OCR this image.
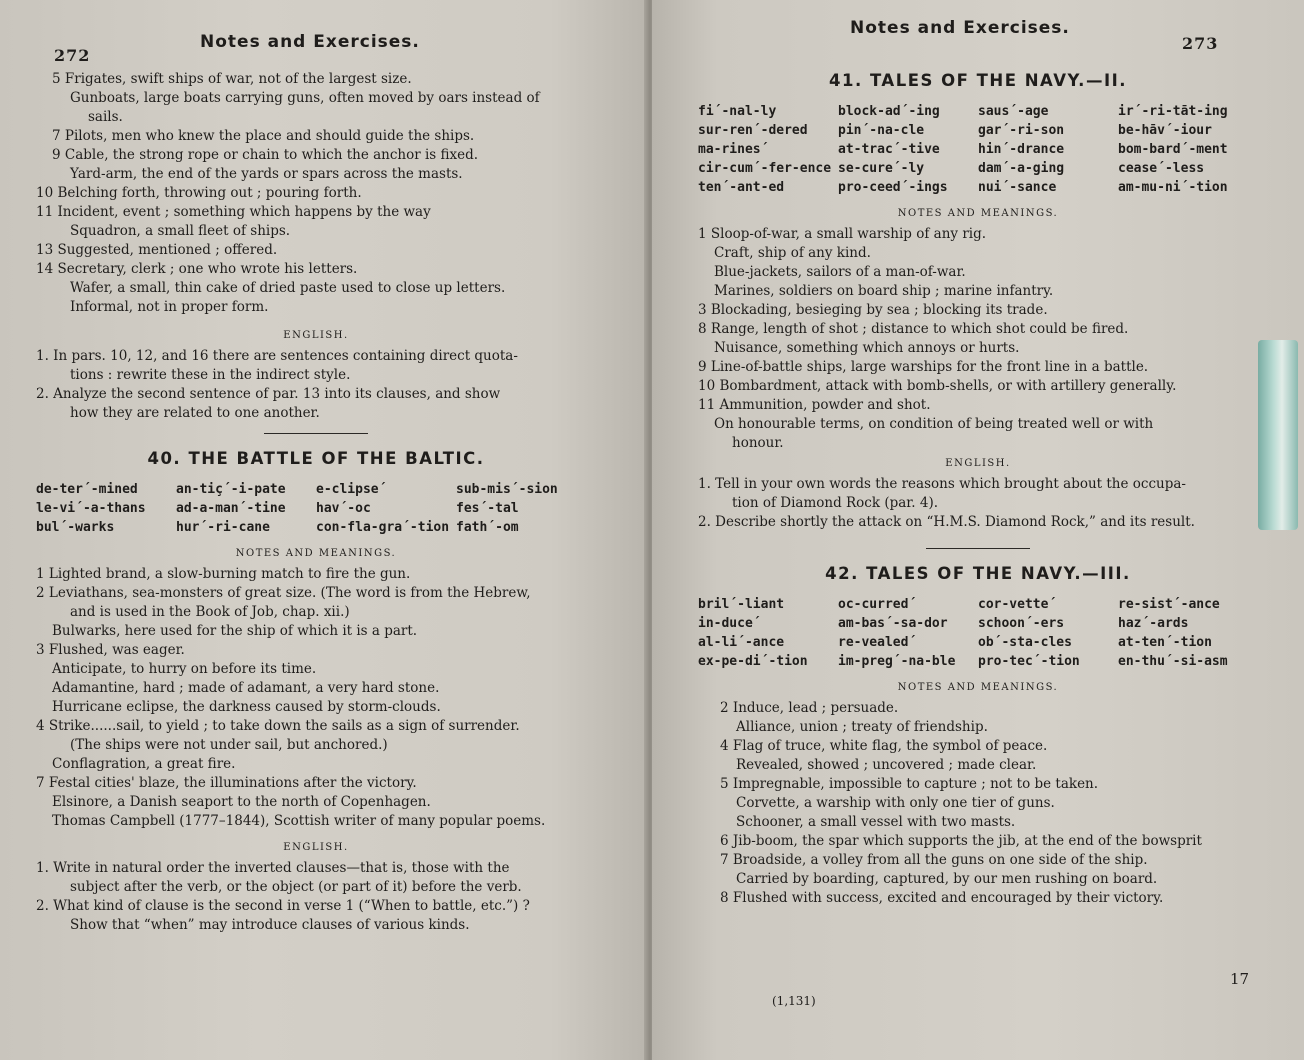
272
Notes and Exercises.
5 Frigates, swift ships of war, not of the largest size.
Gunboats, large boats carrying guns, often moved by oars instead of
sails.
7 Pilots, men who knew the place and should guide the ships.
9 Cable, the strong rope or chain to which the anchor is fixed.
Yard-arm, the end of the yards or spars across the masts.
10 Belching forth, throwing out ; pouring forth.
11 Incident, event ; something which happens by the way
Squadron, a small fleet of ships.
13 Suggested, mentioned ; offered.
14 Secretary, clerk ; one who wrote his letters.
Wafer, a small, thin cake of dried paste used to close up letters.
Informal, not in proper form.
ENGLISH.
1. In pars. 10, 12, and 16 there are sentences containing direct quota-
tions : rewrite these in the indirect style.
2. Analyze the second sentence of par. 13 into its clauses, and show
how they are related to one another.
40. THE BATTLE OF THE BALTIC.
de-ter´-mined	an-tiç´-i-pate	e-clipse´	sub-mis´-sion
le-vi´-a-thans	ad-a-man´-tine	hav´-oc	fes´-tal
bul´-warks	hur´-ri-cane	con-fla-gra´-tion fath´-om
NOTES AND MEANINGS.
1 Lighted brand, a slow-burning match to fire the gun.
2 Leviathans, sea-monsters of great size. (The word is from the Hebrew,
and is used in the Book of Job, chap. xii.)
Bulwarks, here used for the ship of which it is a part.
3 Flushed, was eager.
Anticipate, to hurry on before its time.
Adamantine, hard ; made of adamant, a very hard stone.
Hurricane eclipse, the darkness caused by storm-clouds.
4 Strike......sail, to yield ; to take down the sails as a sign of surrender.
(The ships were not under sail, but anchored.)
Conflagration, a great fire.
7 Festal cities' blaze, the illuminations after the victory.
Elsinore, a Danish seaport to the north of Copenhagen.
Thomas Campbell (1777–1844), Scottish writer of many popular poems.
ENGLISH.
1. Write in natural order the inverted clauses—that is, those with the
subject after the verb, or the object (or part of it) before the verb.
2. What kind of clause is the second in verse 1 (“When to battle, etc.”) ?
Show that “when” may introduce clauses of various kinds.
Notes and Exercises.
273
41. TALES OF THE NAVY.—II.
fi´-nal-ly	block-ad´-ing	saus´-age	ir´-ri-tāt-ing
sur-ren´-dered	pin´-na-cle	gar´-ri-son	be-hāv´-iour
ma-rines´	at-trac´-tive	hin´-drance	bom-bard´-ment
cir-cum´-fer-ence se-cure´-ly	dam´-a-ging	cease´-less
ten´-ant-ed	pro-ceed´-ings	nui´-sance	am-mu-ni´-tion
NOTES AND MEANINGS.
1 Sloop-of-war, a small warship of any rig.
Craft, ship of any kind.
Blue-jackets, sailors of a man-of-war.
Marines, soldiers on board ship ; marine infantry.
3 Blockading, besieging by sea ; blocking its trade.
8 Range, length of shot ; distance to which shot could be fired.
Nuisance, something which annoys or hurts.
9 Line-of-battle ships, large warships for the front line in a battle.
10 Bombardment, attack with bomb-shells, or with artillery generally.
11 Ammunition, powder and shot.
On honourable terms, on condition of being treated well or with
honour.
ENGLISH.
1. Tell in your own words the reasons which brought about the occupa-
tion of Diamond Rock (par. 4).
2. Describe shortly the attack on “H.M.S. Diamond Rock,” and its result.
42. TALES OF THE NAVY.—III.
bril´-liant	oc-curred´	cor-vette´	re-sist´-ance
in-duce´	am-bas´-sa-dor	schoon´-ers	haz´-ards
al-li´-ance	re-vealed´	ob´-sta-cles	at-ten´-tion
ex-pe-di´-tion	im-preg´-na-ble	pro-tec´-tion	en-thu´-si-asm
NOTES AND MEANINGS.
2 Induce, lead ; persuade.
Alliance, union ; treaty of friendship.
4 Flag of truce, white flag, the symbol of peace.
Revealed, showed ; uncovered ; made clear.
5 Impregnable, impossible to capture ; not to be taken.
Corvette, a warship with only one tier of guns.
Schooner, a small vessel with two masts.
6 Jib-boom, the spar which supports the jib, at the end of the bowsprit
7 Broadside, a volley from all the guns on one side of the ship.
Carried by boarding, captured, by our men rushing on board.
8 Flushed with success, excited and encouraged by their victory.
17
(1,131)
